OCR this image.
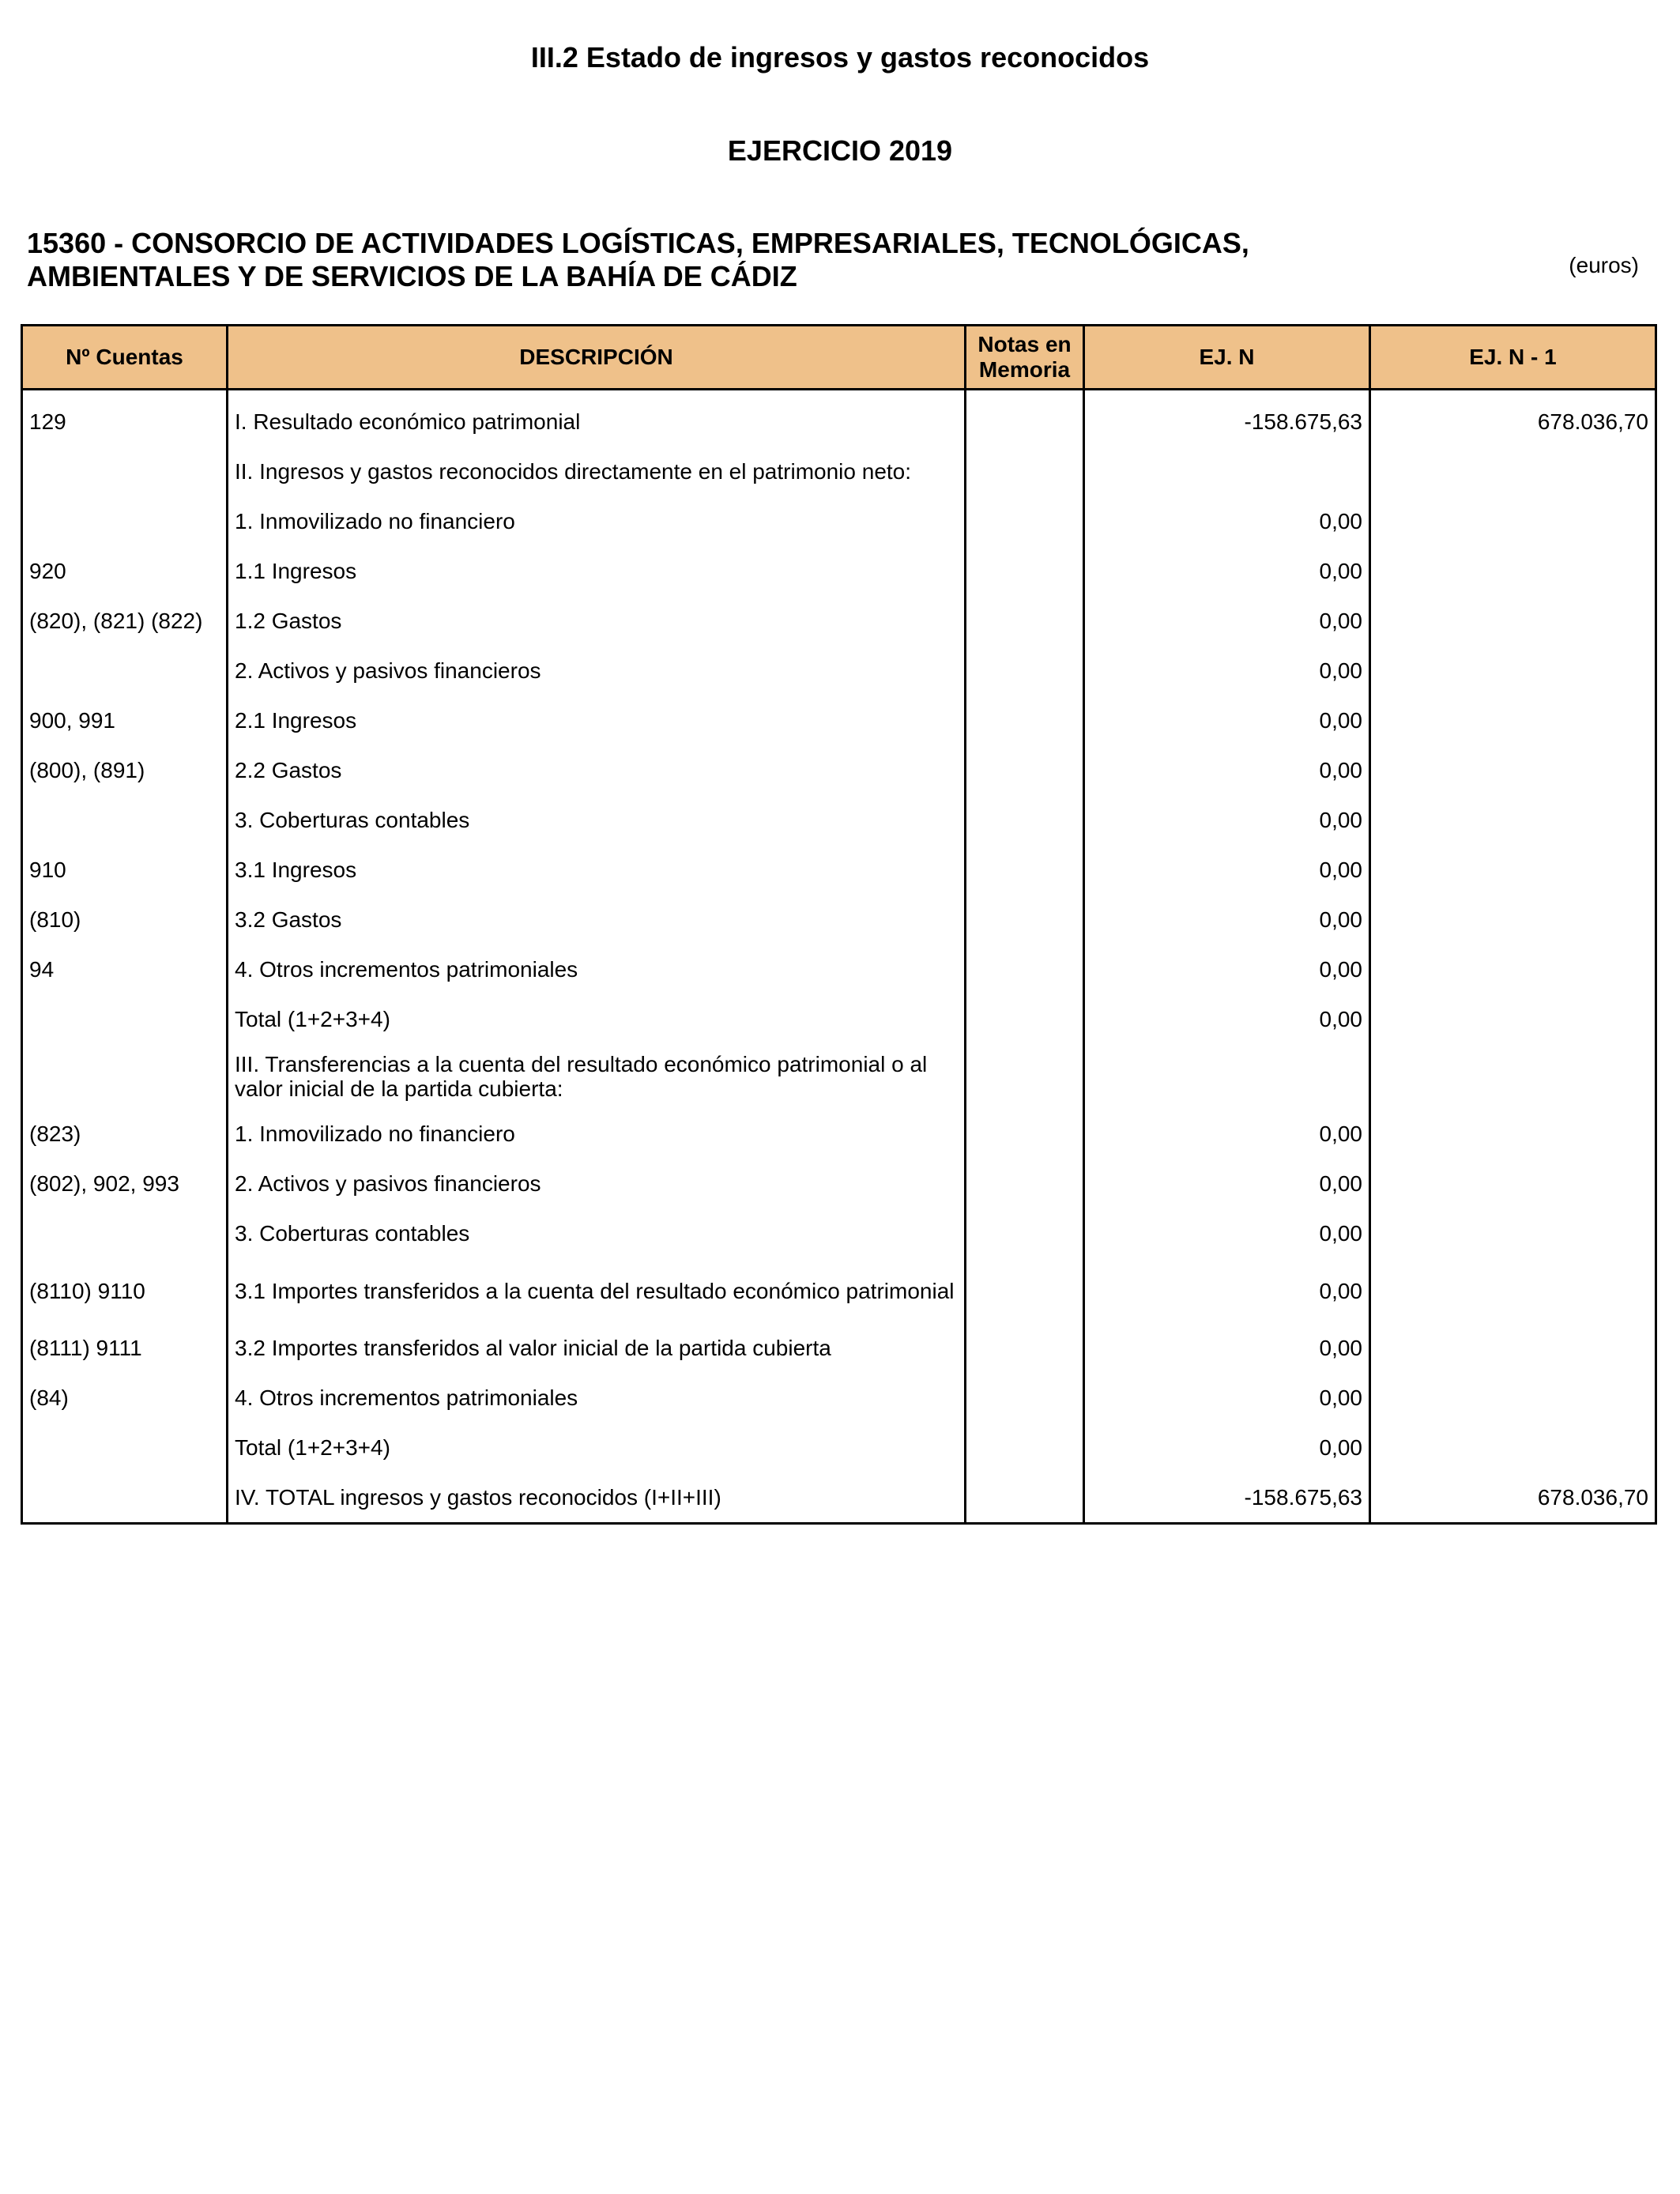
III.2 Estado de ingresos y gastos reconocidos
EJERCICIO 2019
15360 - CONSORCIO DE ACTIVIDADES LOGÍSTICAS, EMPRESARIALES, TECNOLÓGICAS,
AMBIENTALES Y DE SERVICIOS DE LA BAHÍA DE CÁDIZ	(euros)
Nº Cuentas	DESCRIPCIÓN	Notas en Memoria	EJ. N	EJ. N - 1
129	I. Resultado económico patrimonial		-158.675,63	678.036,70
	II. Ingresos y gastos reconocidos directamente en el patrimonio neto:			
	1. Inmovilizado no financiero		0,00	
920	1.1 Ingresos		0,00	
(820), (821) (822)	1.2 Gastos		0,00	
	2. Activos y pasivos financieros		0,00	
900, 991	2.1 Ingresos		0,00	
(800), (891)	2.2 Gastos		0,00	
	3. Coberturas contables		0,00	
910	3.1 Ingresos		0,00	
(810)	3.2 Gastos		0,00	
94	4. Otros incrementos patrimoniales		0,00	
	Total (1+2+3+4)		0,00	
	III. Transferencias a la cuenta del resultado económico patrimonial o al valor inicial de la partida cubierta:			
(823)	1. Inmovilizado no financiero		0,00	
(802), 902, 993	2. Activos y pasivos financieros		0,00	
	3. Coberturas contables		0,00	
(8110) 9110	3.1 Importes transferidos a la cuenta del resultado económico patrimonial		0,00	
(8111) 9111	3.2 Importes transferidos al valor inicial de la partida cubierta		0,00	
(84)	4. Otros incrementos patrimoniales		0,00	
	Total (1+2+3+4)		0,00	
	IV. TOTAL ingresos y gastos reconocidos (I+II+III)		-158.675,63	678.036,70
